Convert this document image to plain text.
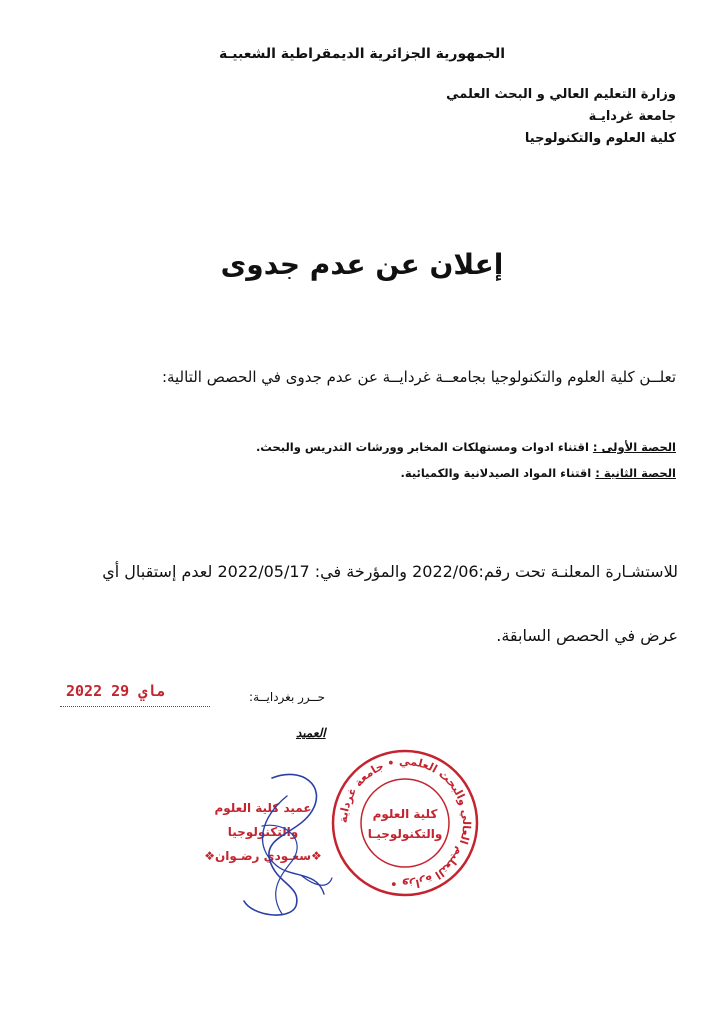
الجمهورية الجزائرية الديمقراطية الشعبيـة
وزارة التعليم العالي و البحث العلمي
جامعة غردايـة
كلية العلوم والتكنولوجيا
إعلان عن عدم جدوى
تعلــن كلية العلوم والتكنولوجيا بجامعــة غردايــة عن عدم جدوى في الحصص التالية:
الحصة الأولى : اقتناء ادوات ومستهلكات المخابر وورشات التدريس والبحث.
الحصة الثانية : اقتناء المواد الصيدلانية والكميائية.
للاستشـارة المعلنـة تحت رقم:2022/06 والمؤرخة في: 2022/05/17 لعدم إستقبال أي
عرض في الحصص السابقة.
حــرر بغردايــة:
2022 ماي 29
العميد
وزارة التعليم العالي والبحث العلمي • جامعة غرداية •
كلية العلوم
والتكنولوجيـا
عميد كلية العلوم والتكنولوجيا
❖سعـودي رضـوان❖
